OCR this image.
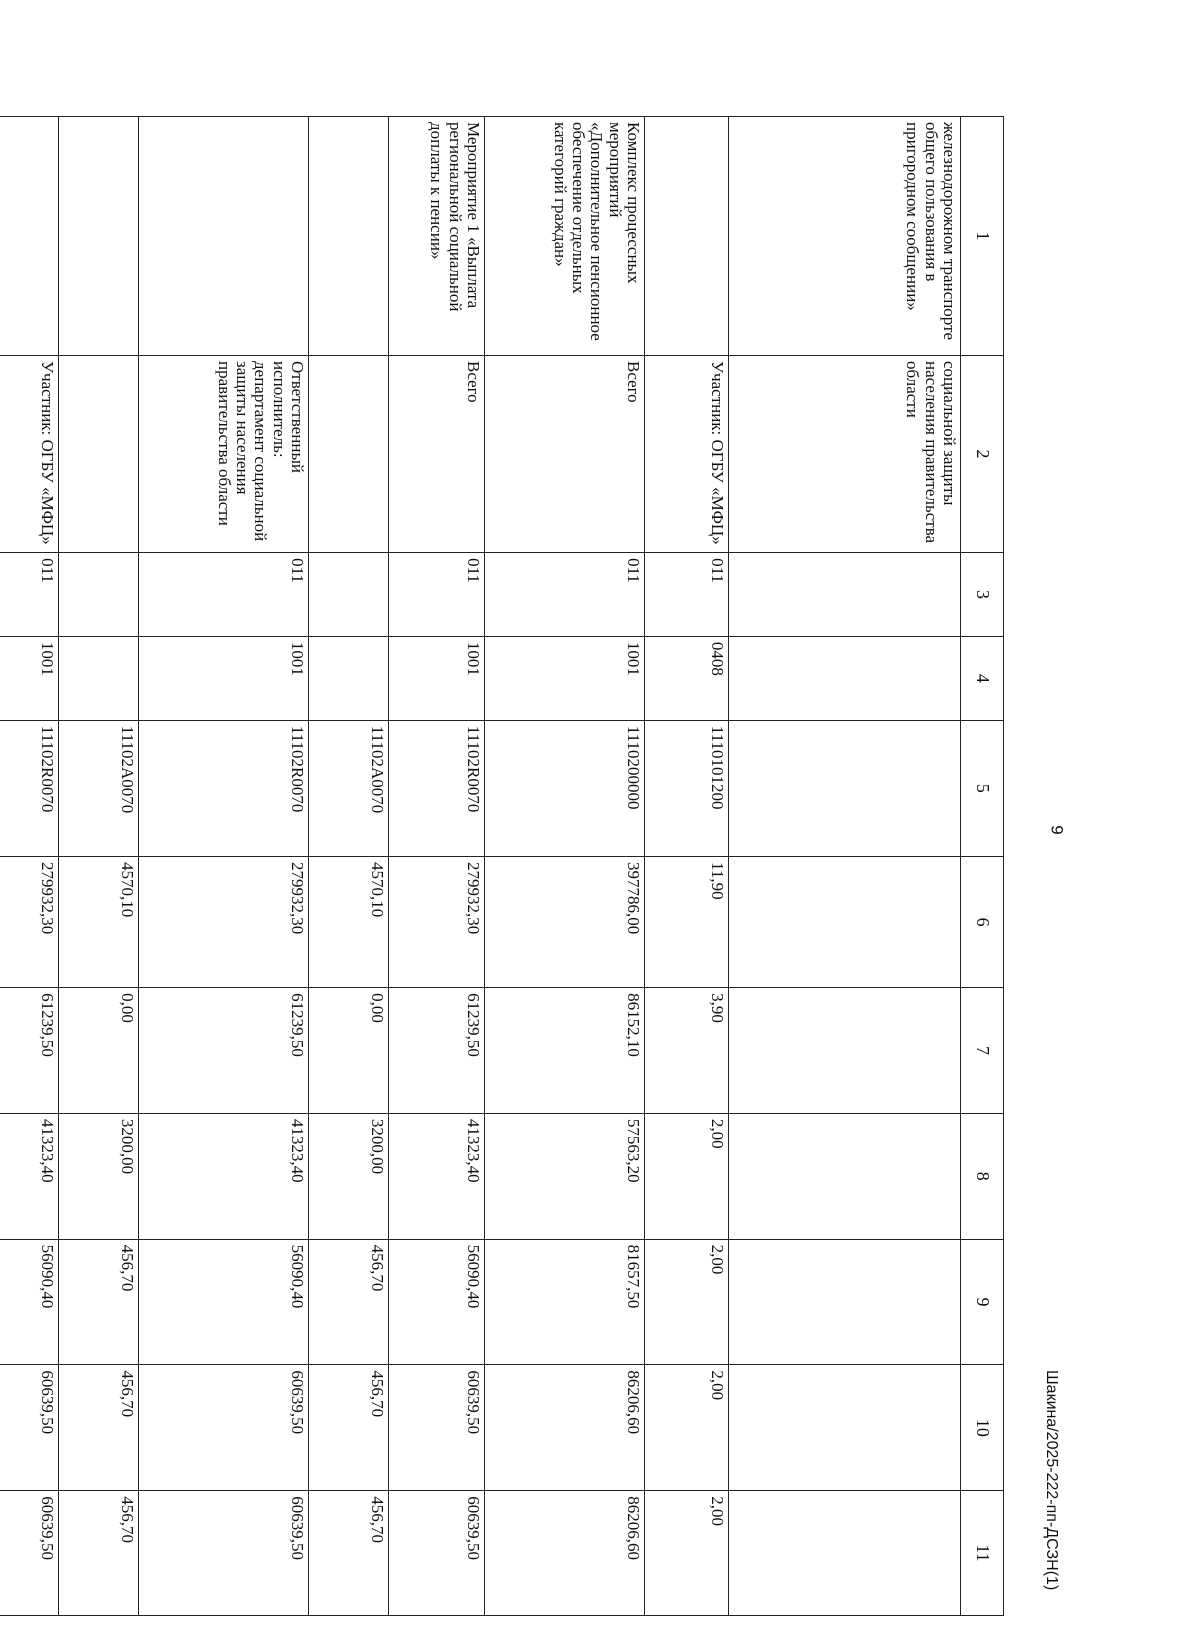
9
1	2	3	4	5	6	7	8	9	10	11
железнодорожном транспорте общего пользования в пригородном сообщении»	социальной защиты населения правительства области									
	Участник: ОГБУ «МФЦ»	011	0408	1110101200	11,90	3,90	2,00	2,00	2,00	2,00
Комплекс процессных мероприятий «Дополнительное пенсионное обеспечение отдельных категорий граждан»	Всего	011	1001	1110200000	397786,00	86152,10	57563,20	81657,50	86206,60	86206,60
Мероприятие 1 «Выплата региональной социальной доплаты к пенсии»	Всего	011	1001	11102R0070	279932,30	61239,50	41323,40	56090,40	60639,50	60639,50
				11102A0070	4570,10	0,00	3200,00	456,70	456,70	456,70
	Ответственный исполнитель: департамент социальной защиты населения правительства области	011	1001	11102R0070	279932,30	61239,50	41323,40	56090,40	60639,50	60639,50
				11102A0070	4570,10	0,00	3200,00	456,70	456,70	456,70
	Участник: ОГБУ «МФЦ»	011	1001	11102R0070	279932,30	61239,50	41323,40	56090,40	60639,50	60639,50
											Шакина/2025-222-пп-ДСЗН(1)
